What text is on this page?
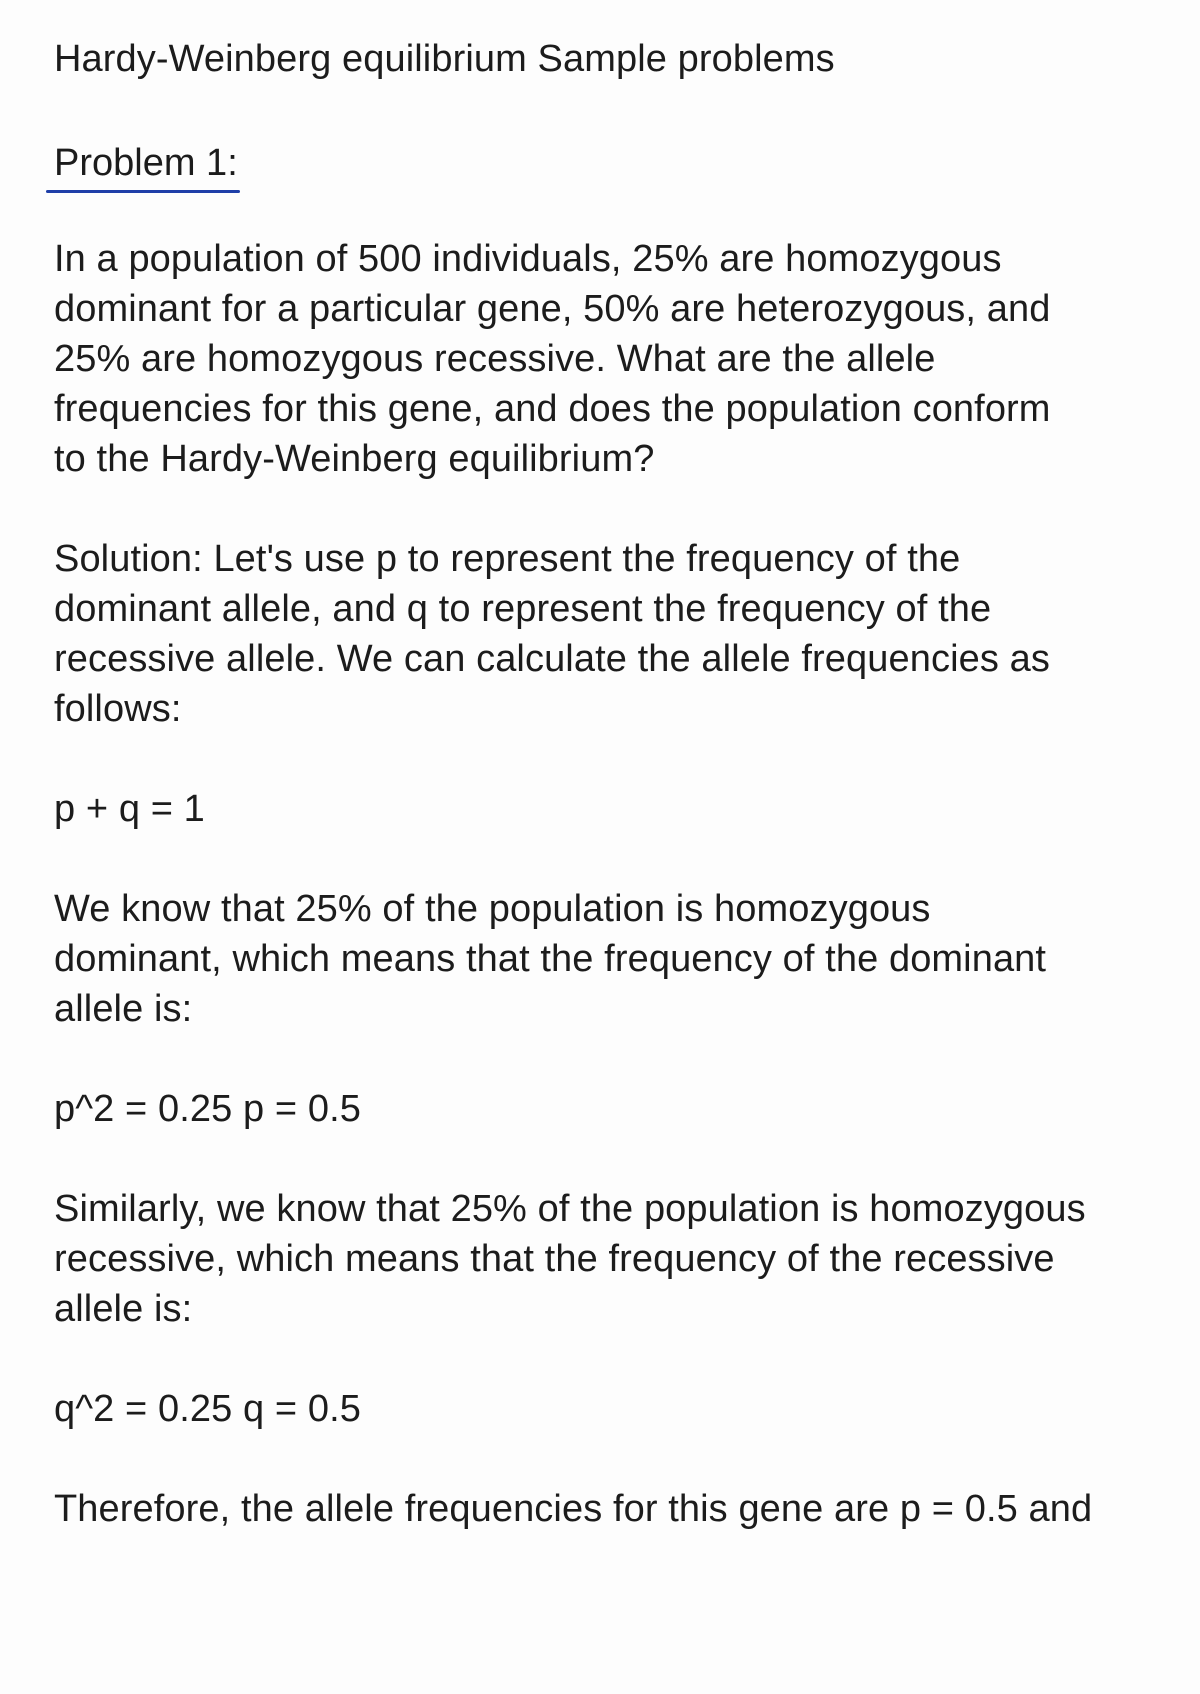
Hardy-Weinberg equilibrium Sample problems
Problem 1:
In a population of 500 individuals, 25% are homozygous
dominant for a particular gene, 50% are heterozygous, and
25% are homozygous recessive. What are the allele
frequencies for this gene, and does the population conform
to the Hardy-Weinberg equilibrium?
Solution: Let's use p to represent the frequency of the
dominant allele, and q to represent the frequency of the
recessive allele. We can calculate the allele frequencies as
follows:
p + q = 1
We know that 25% of the population is homozygous
dominant, which means that the frequency of the dominant
allele is:
p^2 = 0.25 p = 0.5
Similarly, we know that 25% of the population is homozygous
recessive, which means that the frequency of the recessive
allele is:
q^2 = 0.25 q = 0.5
Therefore, the allele frequencies for this gene are p = 0.5 and
